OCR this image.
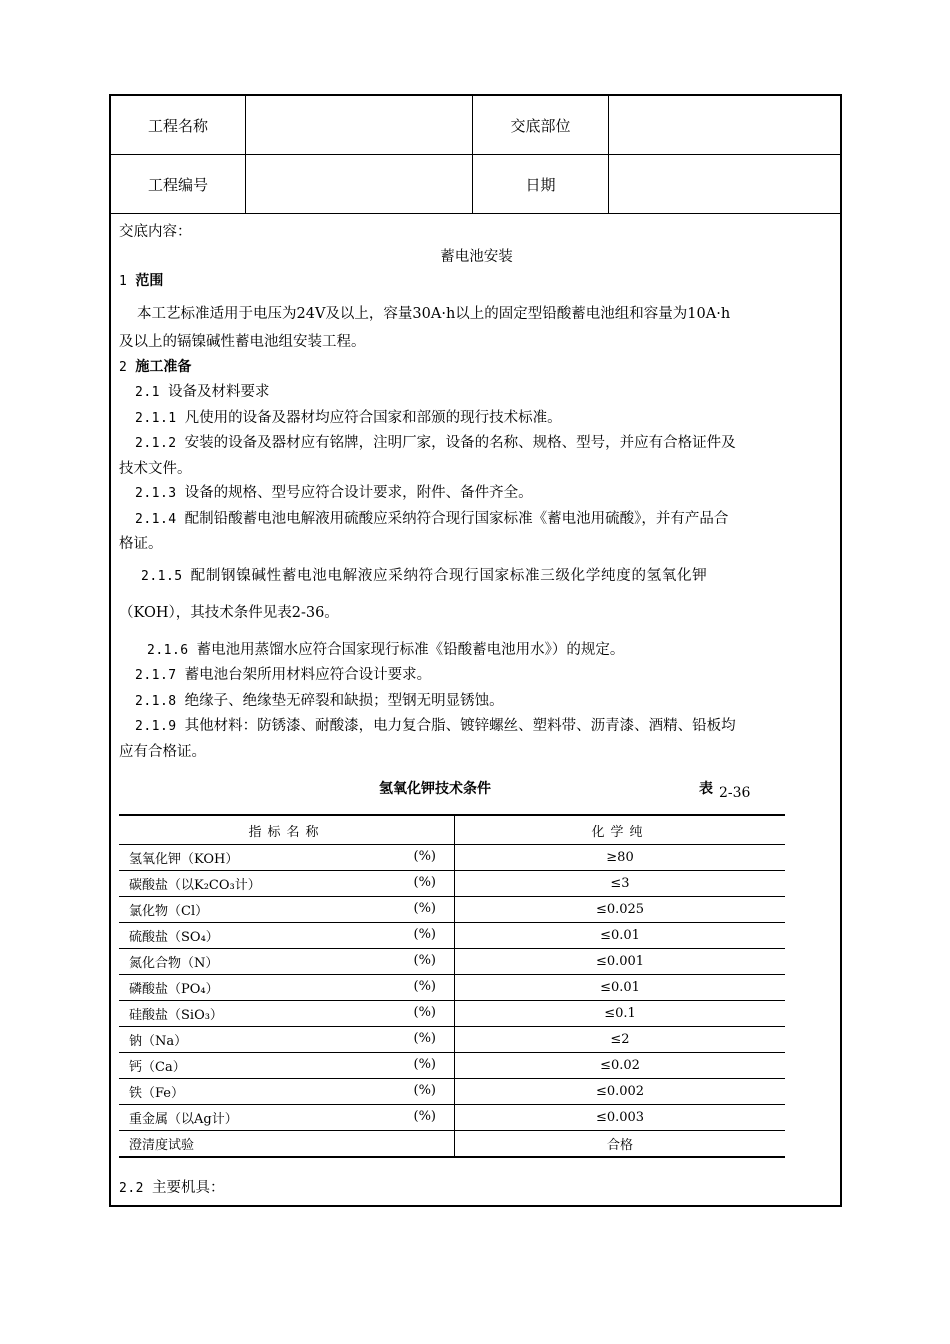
工程名称		交底部位	
工程编号		日期	

交底内容：

蓄电池安装

1 范围

本工艺标准适用于电压为24V及以上，容量30A·h以上的固定型铅酸蓄电池组和容量为10A·h

及以上的镉镍碱性蓄电池组安装工程。

2 施工准备

2.1 设备及材料要求

2.1.1 凡使用的设备及器材均应符合国家和部颁的现行技术标准。

2.1.2 安装的设备及器材应有铭牌，注明厂家，设备的名称、规格、型号，并应有合格证件及

技术文件。

2.1.3 设备的规格、型号应符合设计要求，附件、备件齐全。

2.1.4 配制铅酸蓄电池电解液用硫酸应采纳符合现行国家标准《蓄电池用硫酸》，并有产品合

格证。

2.1.5 配制钢镍碱性蓄电池电解液应采纳符合现行国家标准三级化学纯度的氢氧化钾

（KOH），其技术条件见表2-36。

2.1.6 蓄电池用蒸馏水应符合国家现行标准《铅酸蓄电池用水》）的规定。

2.1.7 蓄电池台架所用材料应符合设计要求。

2.1.8 绝缘子、绝缘垫无碎裂和缺损；型钢无明显锈蚀。

2.1.9 其他材料：防锈漆、耐酸漆，电力复合脂、镀锌螺丝、塑料带、沥青漆、酒精、铅板均

应有合格证。

氢氧化钾技术条件	表 2-36
指标名称	化学纯
氢氧化钾（KOH） (%)	≥80
碳酸盐（以K₂CO₃计） (%)	≤3
氯化物（Cl） (%)	≤0.025
硫酸盐（SO₄） (%)	≤0.01
氮化合物（N） (%)	≤0.001
磷酸盐（PO₄） (%)	≤0.01
硅酸盐（SiO₃） (%)	≤0.1
钠（Na） (%)	≤2
钙（Ca） (%)	≤0.02
铁（Fe） (%)	≤0.002
重金属（以Ag计） (%)	≤0.003
澄清度试验	合格
2.2 主要机具：
